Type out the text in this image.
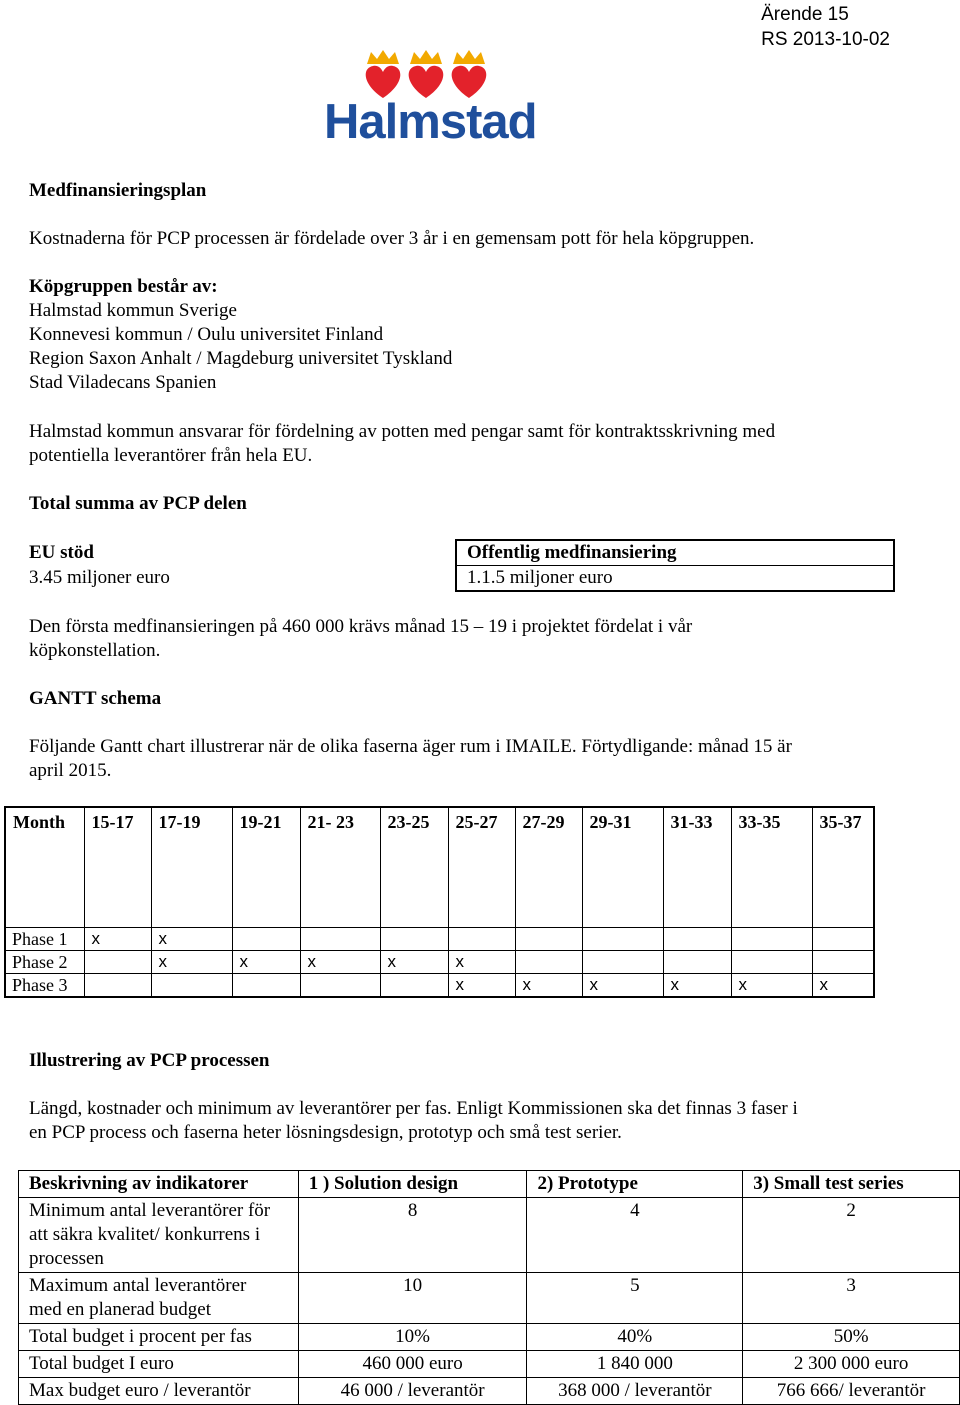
Ärende 15
RS 2013-10-02
Halmstad
Medfinansieringsplan
Kostnaderna för PCP processen är fördelade over 3 år i en gemensam pott för hela köpgruppen.
Köpgruppen består av:
Halmstad kommun Sverige
Konnevesi kommun / Oulu universitet Finland
Region Saxon Anhalt / Magdeburg universitet Tyskland
Stad Viladecans Spanien
Halmstad kommun ansvarar för fördelning av potten med pengar samt för kontraktsskrivning med
potentiella leverantörer från hela EU.
Total summa av PCP delen
EU stöd	Offentlig medfinansiering
3.45 miljoner euro	1.1.5 miljoner euro
Den första medfinansieringen på 460 000 krävs månad 15 – 19 i projektet fördelat i vår
köpkonstellation.
GANTT schema
Följande Gantt chart illustrerar när de olika faserna äger rum i IMAILE. Förtydligande: månad 15 är
april 2015.
Month	15-17	17-19	19-21	21- 23	23-25	25-27	27-29	29-31	31-33	33-35	35-37
Phase 1	x	x									
Phase 2		x	x	x	x	x					
Phase 3						x	x	x	x	x	x
Illustrering av PCP processen
Längd, kostnader och minimum av leverantörer per fas. Enligt Kommissionen ska det finnas 3 faser i
en PCP process och faserna heter lösningsdesign, prototyp och små test serier.
Beskrivning av indikatorer	1 ) Solution design	2) Prototype	3) Small test series
Minimum antal leverantörer för att säkra kvalitet/ konkurrens i processen	8	4	2
Maximum antal leverantörer med en planerad budget	10	5	3
Total budget i procent per fas	10%	40%	50%
Total budget I euro	460 000 euro	1 840 000	2 300 000 euro
Max budget euro / leverantör	46 000 / leverantör	368 000 / leverantör	766 666/ leverantör
